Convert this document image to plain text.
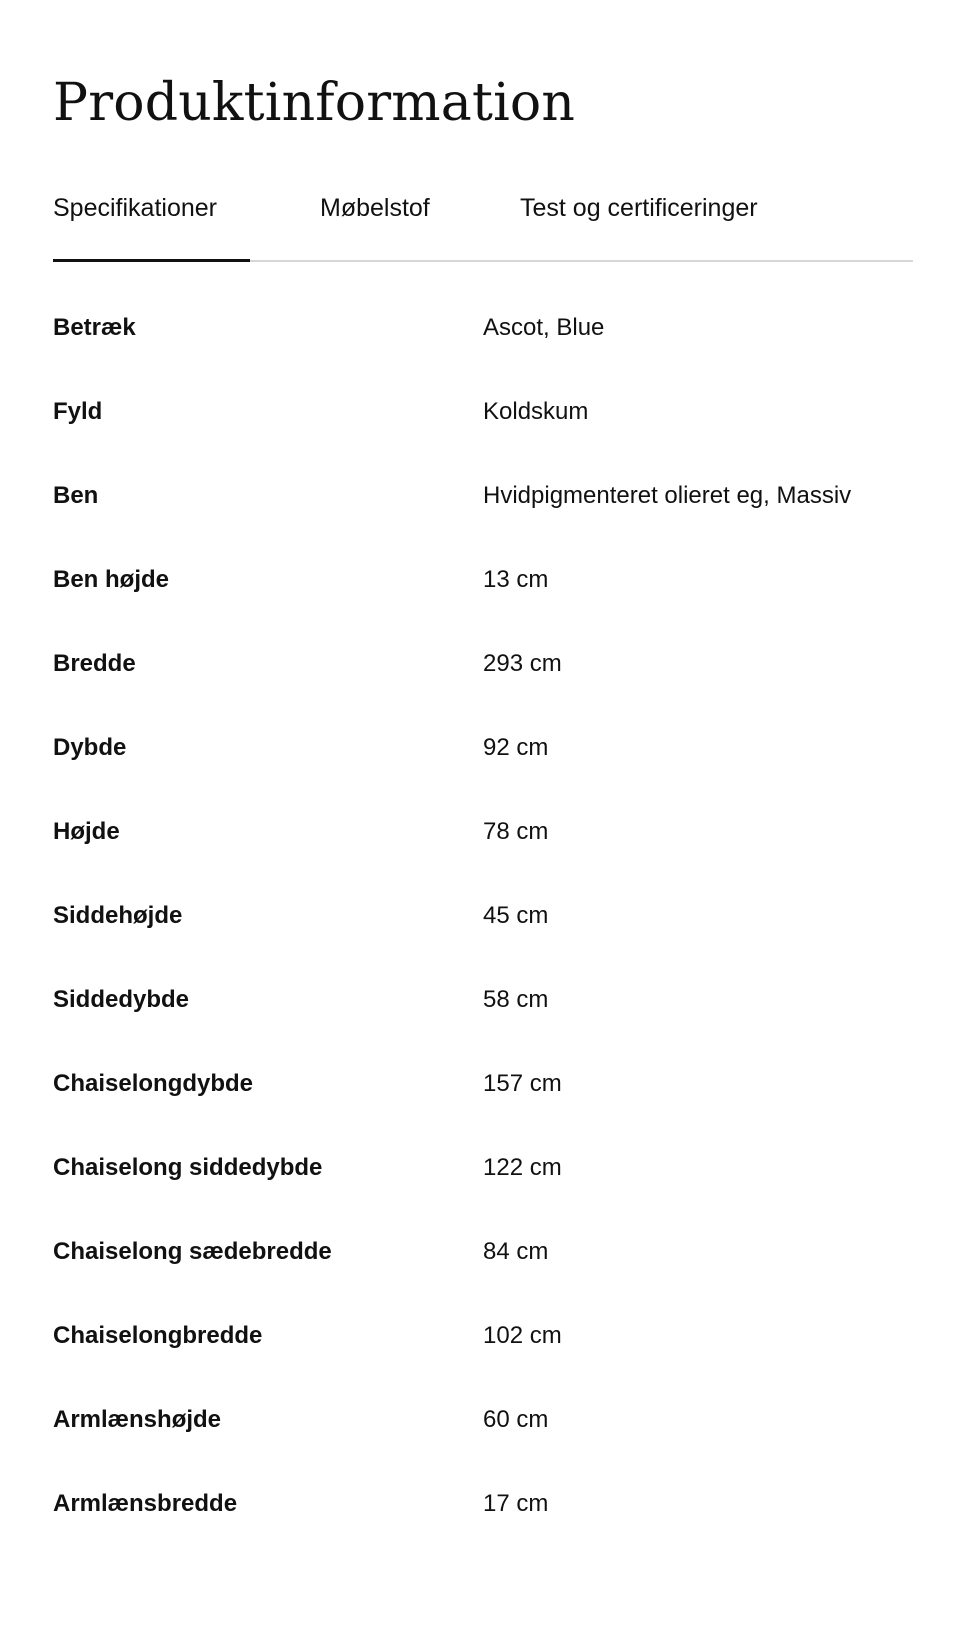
Produktinformation
Specifikationer	Møbelstof	Test og certificeringer
Betræk	Ascot, Blue
Fyld	Koldskum
Ben	Hvidpigmenteret olieret eg, Massiv
Ben højde	13 cm
Bredde	293 cm
Dybde	92 cm
Højde	78 cm
Siddehøjde	45 cm
Siddedybde	58 cm
Chaiselongdybde	157 cm
Chaiselong siddedybde	122 cm
Chaiselong sædebredde	84 cm
Chaiselongbredde	102 cm
Armlænshøjde	60 cm
Armlænsbredde	17 cm
